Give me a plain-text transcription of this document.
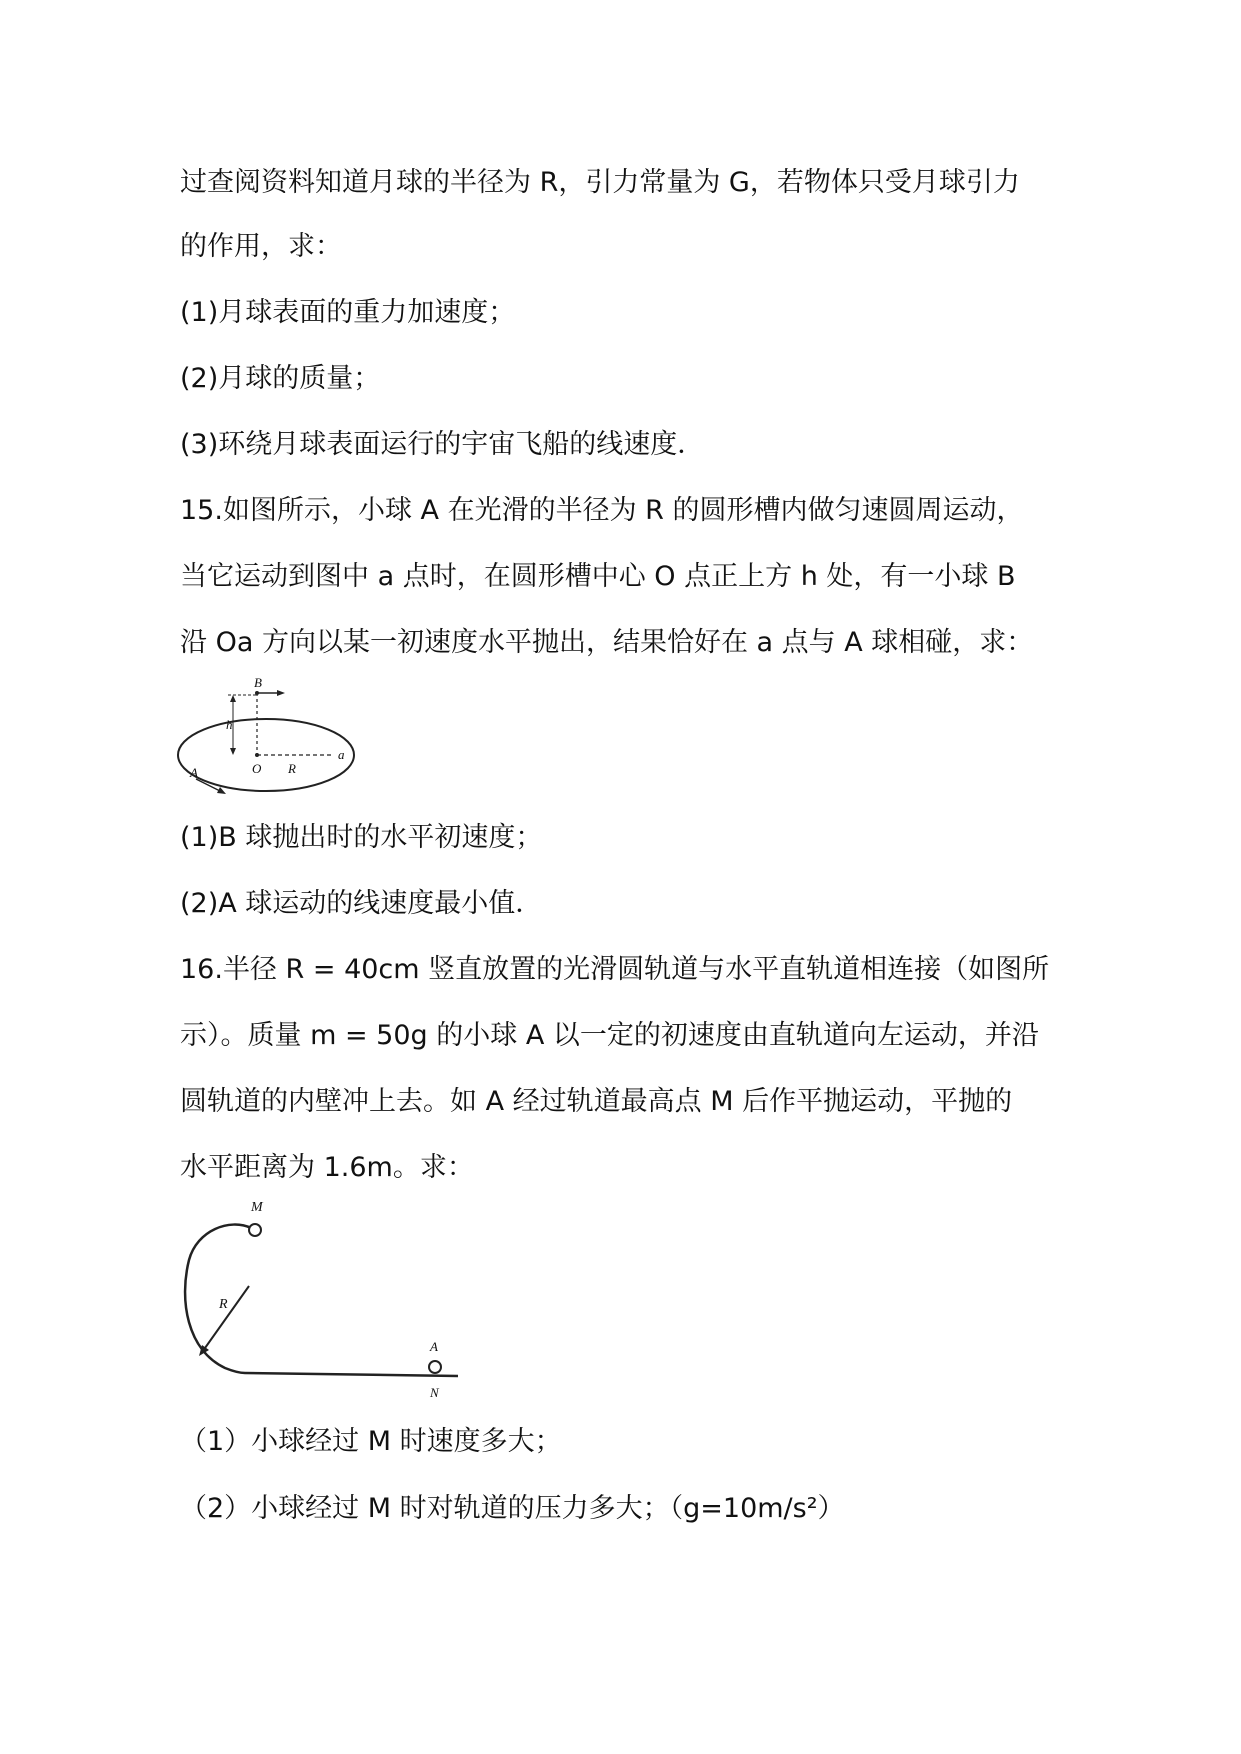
过查阅资料知道月球的半径为 R，引力常量为 G，若物体只受月球引力
的作用，求：
(1)月球表面的重力加速度；
(2)月球的质量；
(3)环绕月球表面运行的宇宙飞船的线速度．
15.如图所示，小球 A 在光滑的半径为 R 的圆形槽内做匀速圆周运动，
当它运动到图中 a 点时，在圆形槽中心 O 点正上方 h 处，有一小球 B
沿 Oa 方向以某一初速度水平抛出，结果恰好在 a 点与 A 球相碰，求：
B
h
O R
a
A
(1)B 球抛出时的水平初速度；
(2)A 球运动的线速度最小值．
16.半径 R = 40cm 竖直放置的光滑圆轨道与水平直轨道相连接（如图所
示）。质量 m = 50g 的小球 A 以一定的初速度由直轨道向左运动，并沿
圆轨道的内壁冲上去。如 A 经过轨道最高点 M 后作平抛运动，平抛的
水平距离为 1.6m。求：
M
R
A
N
（1）小球经过 M 时速度多大；
（2）小球经过 M 时对轨道的压力多大；（g=10m/s²）
